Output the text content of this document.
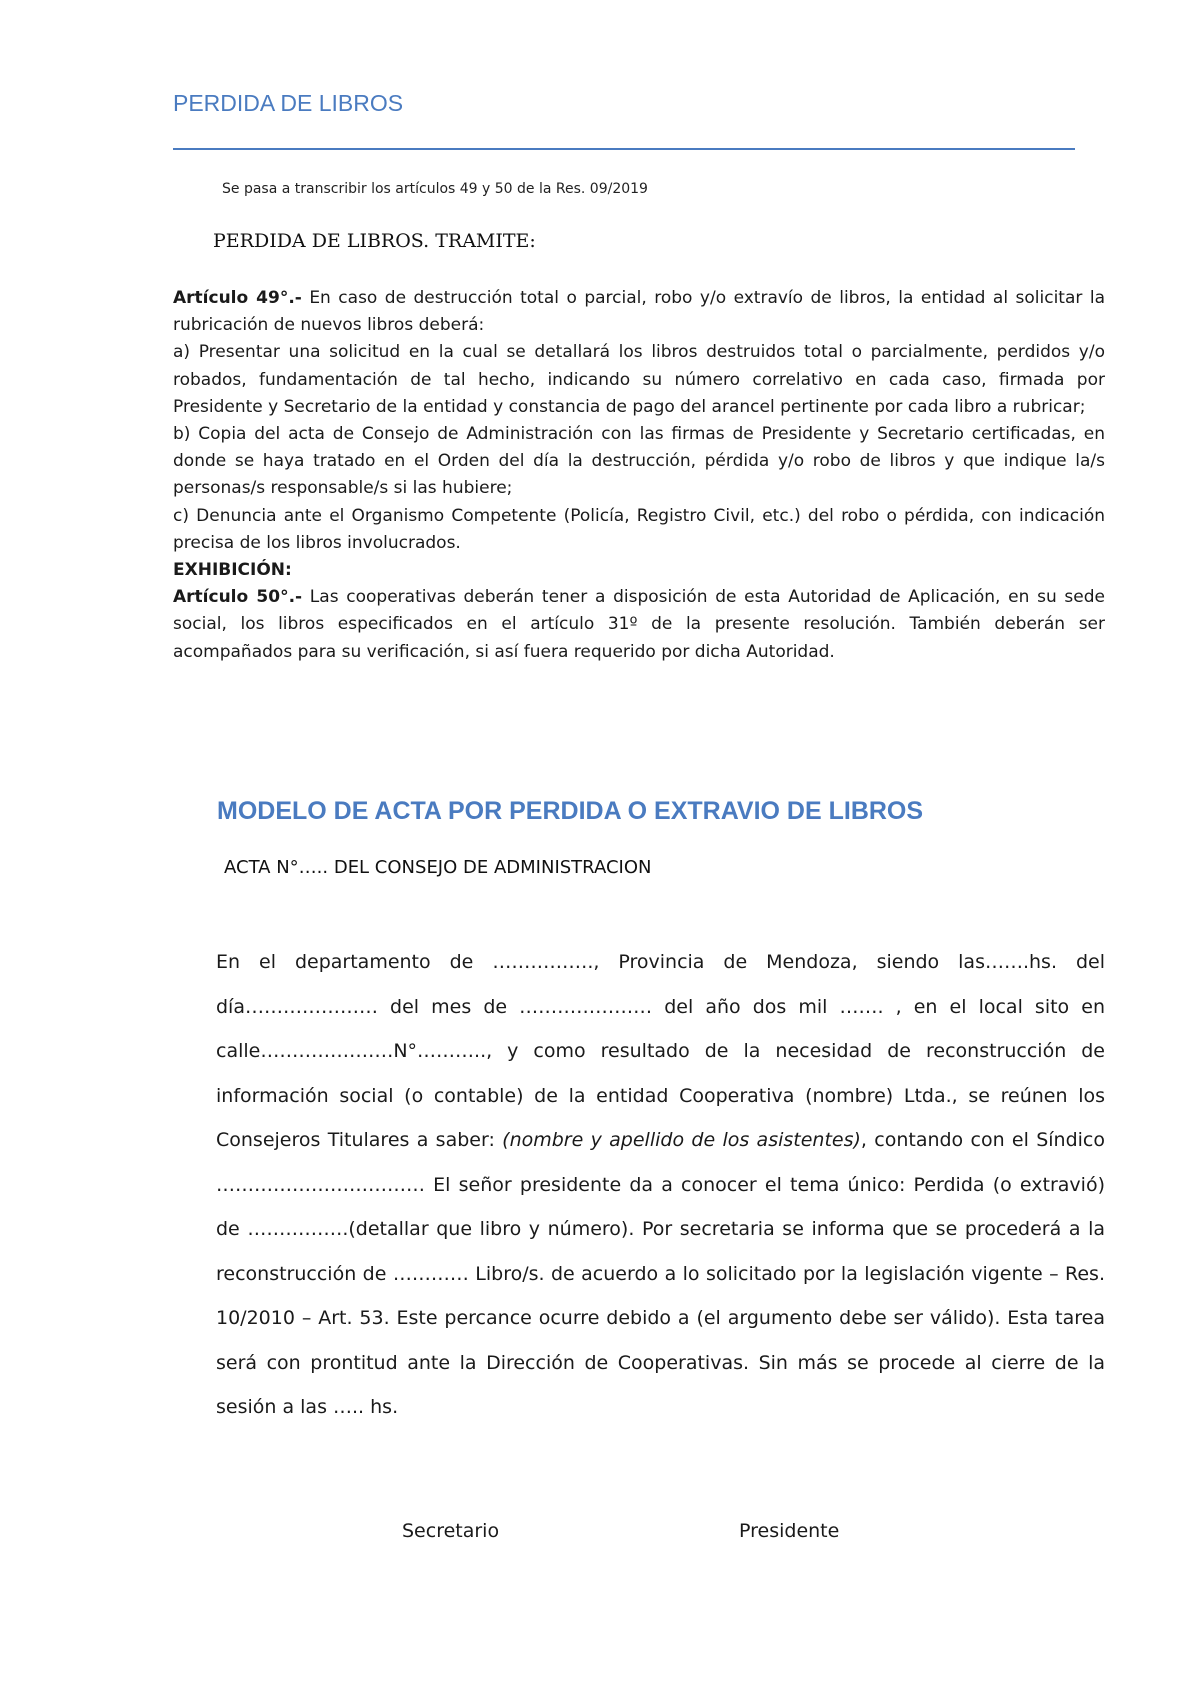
PERDIDA DE LIBROS
Se pasa a transcribir los artículos 49 y 50 de la Res. 09/2019
PERDIDA DE LIBROS. TRAMITE:

Artículo 49°.- En caso de destrucción total o parcial, robo y/o extravío de libros, la entidad al solicitar la rubricación de nuevos libros deberá:

a) Presentar una solicitud en la cual se detallará los libros destruidos total o parcialmente, perdidos y/o robados, fundamentación de tal hecho, indicando su número correlativo en cada caso, firmada por Presidente y Secretario de la entidad y constancia de pago del arancel pertinente por cada libro a rubricar;

b) Copia del acta de Consejo de Administración con las firmas de Presidente y Secretario certificadas, en donde se haya tratado en el Orden del día la destrucción, pérdida y/o robo de libros y que indique la/s personas/s responsable/s si las hubiere;

c) Denuncia ante el Organismo Competente (Policía, Registro Civil, etc.) del robo o pérdida, con indicación precisa de los libros involucrados.

EXHIBICIÓN:

Artículo 50°.- Las cooperativas deberán tener a disposición de esta Autoridad de Aplicación, en su sede social, los libros especificados en el artículo 31º de la presente resolución. También deberán ser acompañados para su verificación, si así fuera requerido por dicha Autoridad.

MODELO DE ACTA POR PERDIDA O EXTRAVIO DE LIBROS
ACTA N°….. DEL CONSEJO DE ADMINISTRACION
En el departamento de ……………., Provincia de Mendoza, siendo las…….hs. del día………………… del mes de ………………… del año dos mil ……. , en el local sito en calle…………………N°……….., y como resultado de la necesidad de reconstrucción de información social (o contable) de la entidad Cooperativa (nombre) Ltda., se reúnen los Consejeros Titulares a saber: (nombre y apellido de los asistentes), contando con el Síndico …………………………… El señor presidente da a conocer el tema único: Perdida (o extravió) de …………….(detallar que libro y número). Por secretaria se informa que se procederá a la reconstrucción de ………… Libro/s. de acuerdo a lo solicitado por la legislación vigente – Res. 10/2010 – Art. 53. Este percance ocurre debido a (el argumento debe ser válido). Esta tarea será con prontitud ante la Dirección de Cooperativas. Sin más se procede al cierre de la sesión a las ….. hs.
Secretario	Presidente
